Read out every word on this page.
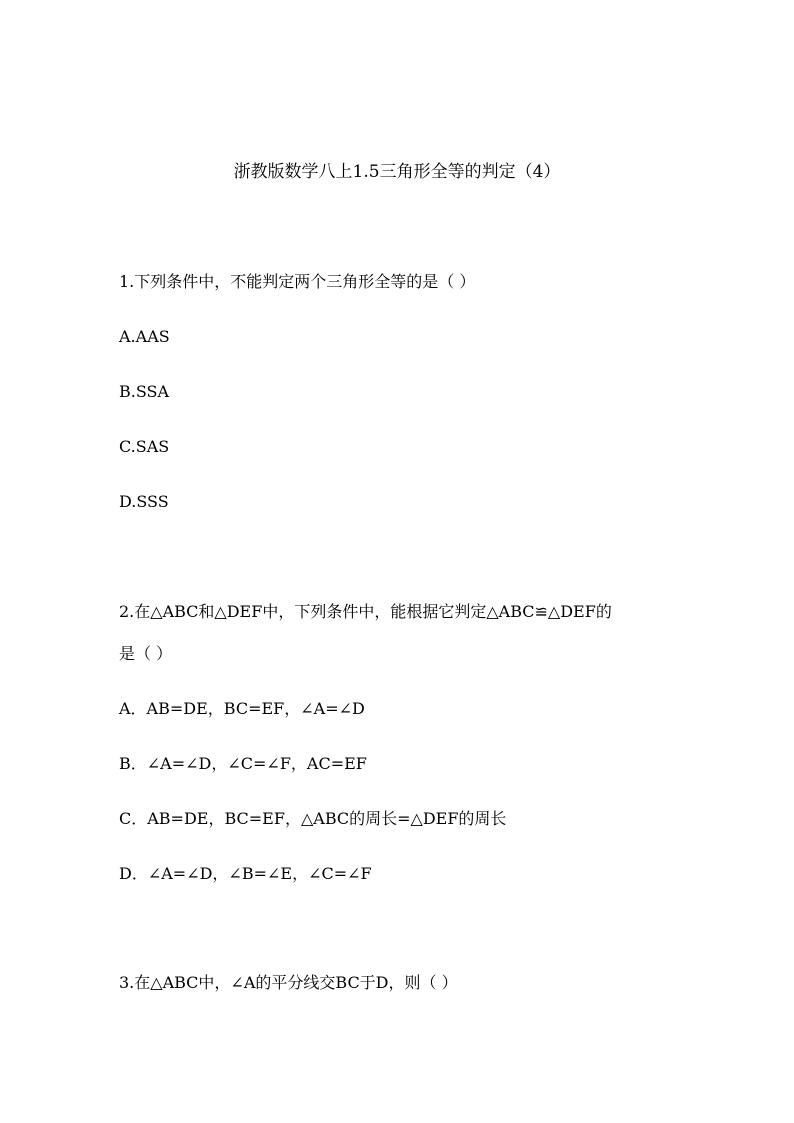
浙教版数学八上1.5三角形全等的判定（4）
1.下列条件中，不能判定两个三角形全等的是（ ）
A.AAS
B.SSA
C.SAS
D.SSS
2.在△ABC和△DEF中，下列条件中，能根据它判定△ABC≌△DEF的
是（ ）
A．AB=DE，BC=EF，∠A=∠D
B．∠A=∠D，∠C=∠F，AC=EF
C．AB=DE，BC=EF，△ABC的周长=△DEF的周长
D．∠A=∠D，∠B=∠E，∠C=∠F
3.在△ABC中，∠A的平分线交BC于D，则（ ）
